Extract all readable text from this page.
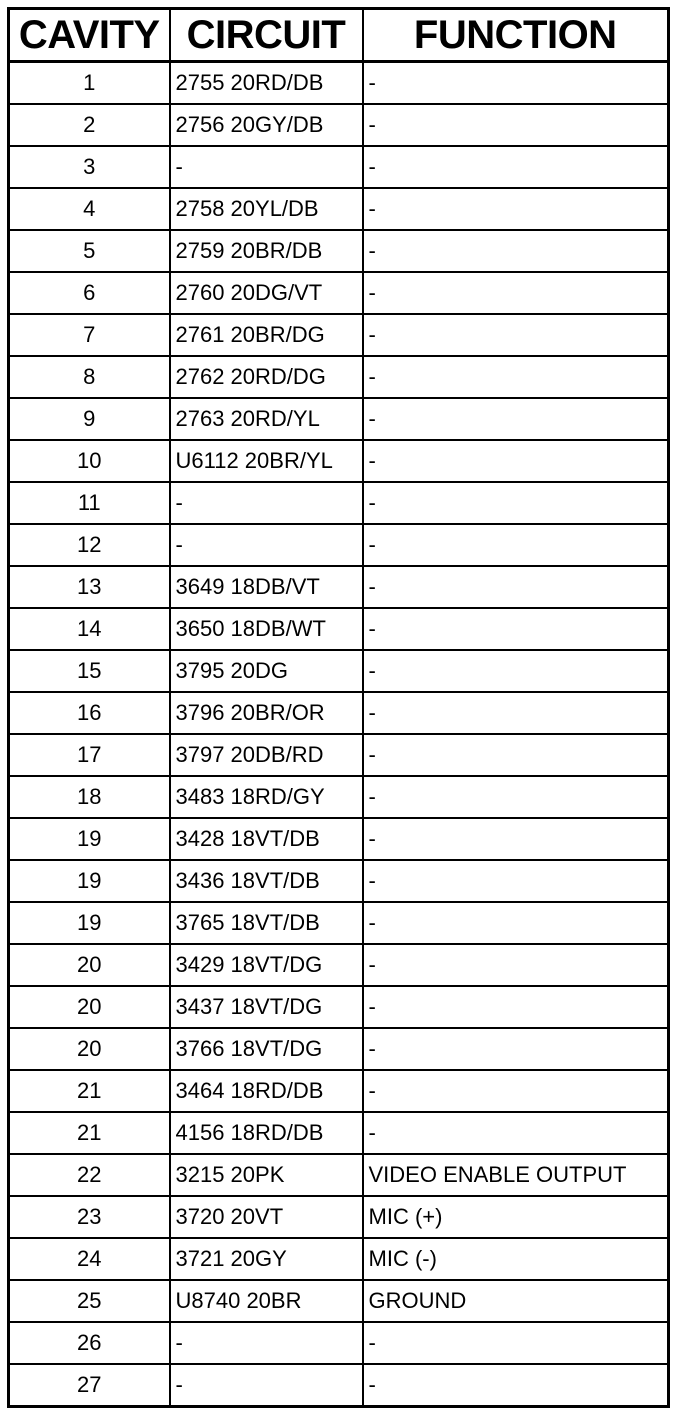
CAVITY	CIRCUIT	FUNCTION
1	2755 20RD/DB	-
2	2756 20GY/DB	-
3	-	-
4	2758 20YL/DB	-
5	2759 20BR/DB	-
6	2760 20DG/VT	-
7	2761 20BR/DG	-
8	2762 20RD/DG	-
9	2763 20RD/YL	-
10	U6112 20BR/YL	-
11	-	-
12	-	-
13	3649 18DB/VT	-
14	3650 18DB/WT	-
15	3795 20DG	-
16	3796 20BR/OR	-
17	3797 20DB/RD	-
18	3483 18RD/GY	-
19	3428 18VT/DB	-
19	3436 18VT/DB	-
19	3765 18VT/DB	-
20	3429 18VT/DG	-
20	3437 18VT/DG	-
20	3766 18VT/DG	-
21	3464 18RD/DB	-
21	4156 18RD/DB	-
22	3215 20PK	VIDEO ENABLE OUTPUT
23	3720 20VT	MIC (+)
24	3721 20GY	MIC (-)
25	U8740 20BR	GROUND
26	-	-
27	-	-
